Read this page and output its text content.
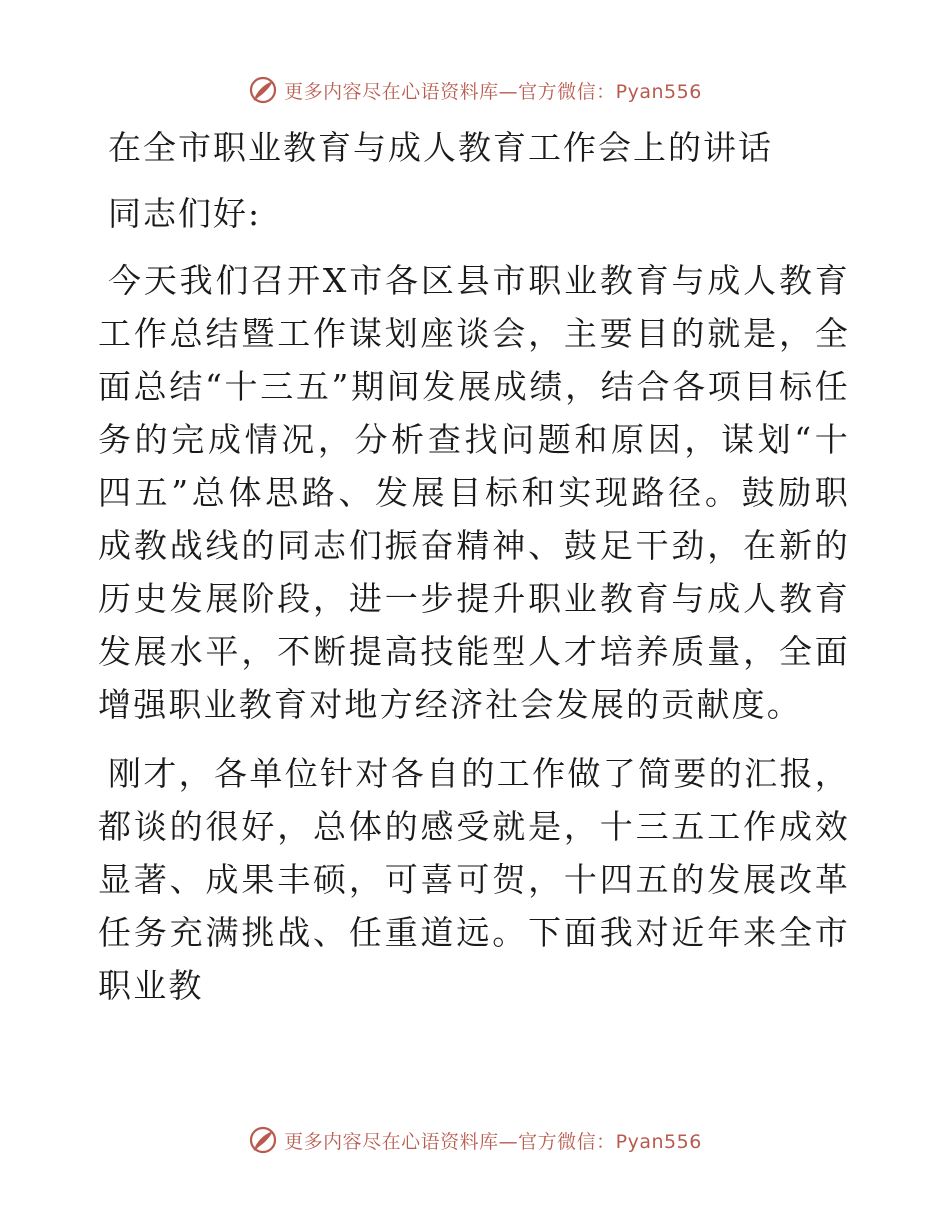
更多内容尽在心语资料库—官方微信：Pyan556
在全市职业教育与成人教育工作会上的讲话

同志们好:

今天我们召开X市各区县市职业教育与成人教育工作总结暨工作谋划座谈会，主要目的就是，全面总结“十三五”期间发展成绩，结合各项目标任务的完成情况，分析查找问题和原因，谋划“十四五”总体思路、发展目标和实现路径。鼓励职成教战线的同志们振奋精神、鼓足干劲，在新的历史发展阶段，进一步提升职业教育与成人教育发展水平，不断提高技能型人才培养质量，全面增强职业教育对地方经济社会发展的贡献度。

刚才，各单位针对各自的工作做了简要的汇报，都谈的很好，总体的感受就是，十三五工作成效显著、成果丰硕，可喜可贺，十四五的发展改革任务充满挑战、任重道远。下面我对近年来全市职业教

更多内容尽在心语资料库—官方微信：Pyan556
